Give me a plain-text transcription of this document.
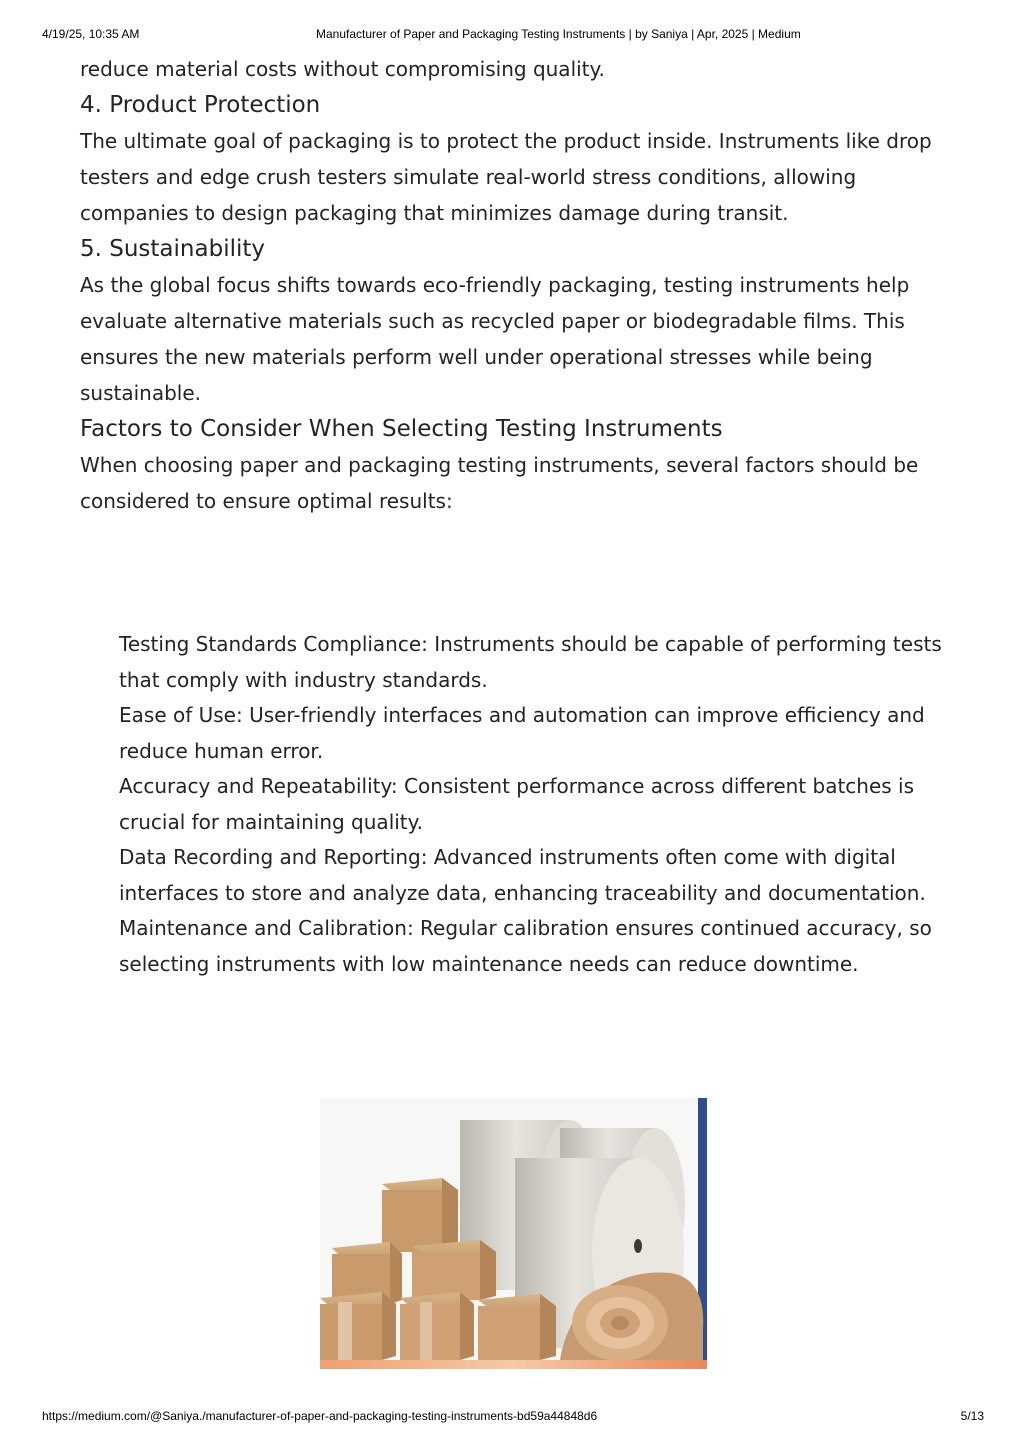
4/19/25, 10:35 AM	Manufacturer of Paper and Packaging Testing Instruments | by Saniya | Apr, 2025 | Medium

reduce material costs without compromising quality.

4. Product Protection

The ultimate goal of packaging is to protect the product inside. Instruments like drop testers and edge crush testers simulate real-world stress conditions, allowing companies to design packaging that minimizes damage during transit.

5. Sustainability

As the global focus shifts towards eco-friendly packaging, testing instruments help evaluate alternative materials such as recycled paper or biodegradable films. This ensures the new materials perform well under operational stresses while being sustainable.

Factors to Consider When Selecting Testing Instruments

When choosing paper and packaging testing instruments, several factors should be considered to ensure optimal results:

Testing Standards Compliance: Instruments should be capable of performing tests that comply with industry standards.
Ease of Use: User-friendly interfaces and automation can improve efficiency and reduce human error.
Accuracy and Repeatability: Consistent performance across different batches is crucial for maintaining quality.
Data Recording and Reporting: Advanced instruments often come with digital interfaces to store and analyze data, enhancing traceability and documentation.
Maintenance and Calibration: Regular calibration ensures continued accuracy, so selecting instruments with low maintenance needs can reduce downtime.
https://medium.com/@Saniya./manufacturer-of-paper-and-packaging-testing-instruments-bd59a44848d6	5/13
